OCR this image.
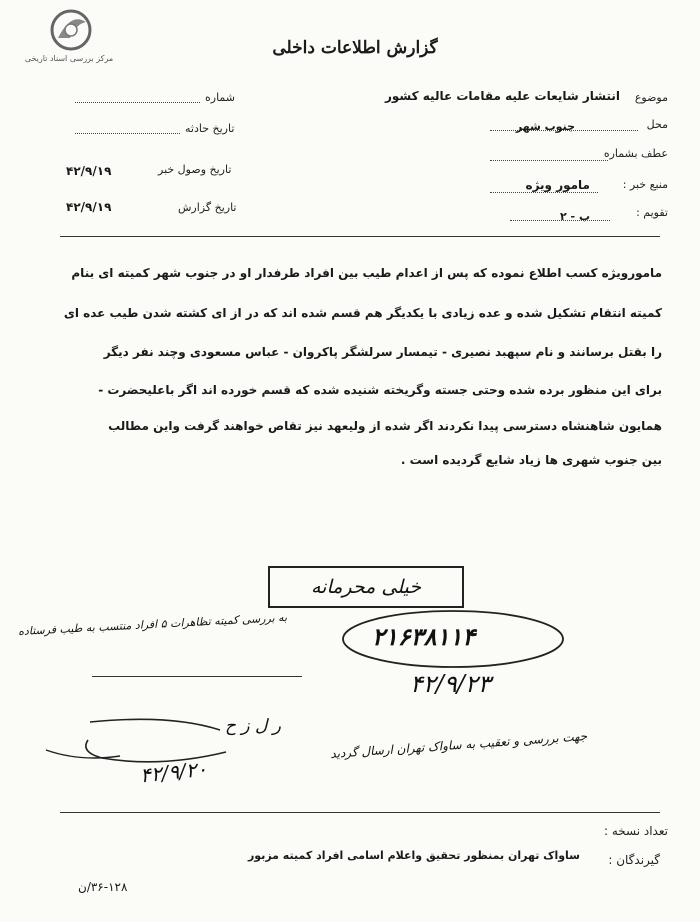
مرکز بررسی اسناد تاریخی
گزارش اطلاعات داخلی
موضوع
انتشار شایعات علیه مقامات عالیه کشور
محل
جنوب شهر
عطف بشماره
منبع خبر :
مامور ویژه
تقویم :
ب - ۲
شماره
تاریخ حادثه
تاریخ وصول خبر
۴۲/۹/۱۹
تاریخ گزارش
۴۲/۹/۱۹
مامورویژه کسب اطلاع نموده که پس از اعدام طیب بین افراد طرفدار او در جنوب شهر کمیته ای بنام
کمیته انتقام تشکیل شده و عده زیادی با یکدیگر هم قسم شده اند که در از ای کشته شدن طیب عده ای
را بقتل برسانند و نام سپهبد نصیری - تیمسار سرلشگر پاکروان - عباس مسعودی وچند نفر دیگر
برای این منظور برده شده وحتی جسته وگریخته شنیده شده که قسم خورده اند اگر باعلیحضرت -
همایون شاهنشاه دسترسی پیدا نکردند اگر شده از ولیعهد نیز تقاص خواهند گرفت واین مطالب
بین جنوب شهری ها زیاد شایع گردیده است .
خیلی محرمانه
به بررسی کمیته تظاهرات ۵ افراد منتسب به طیب فرستاده
۲۱۶۳۸۱۱۴
۴۲/۹/۲۳
ر ل ز ح
۴۲/۹/۲۰
جهت بررسی و تعقیب به ساواک تهران ارسال گردید
تعداد نسخه :
گیرندگان :
ساواک تهران بمنظور تحقیق واعلام اسامی افراد کمیته مزبور
۳۶-۱۲۸/ن
